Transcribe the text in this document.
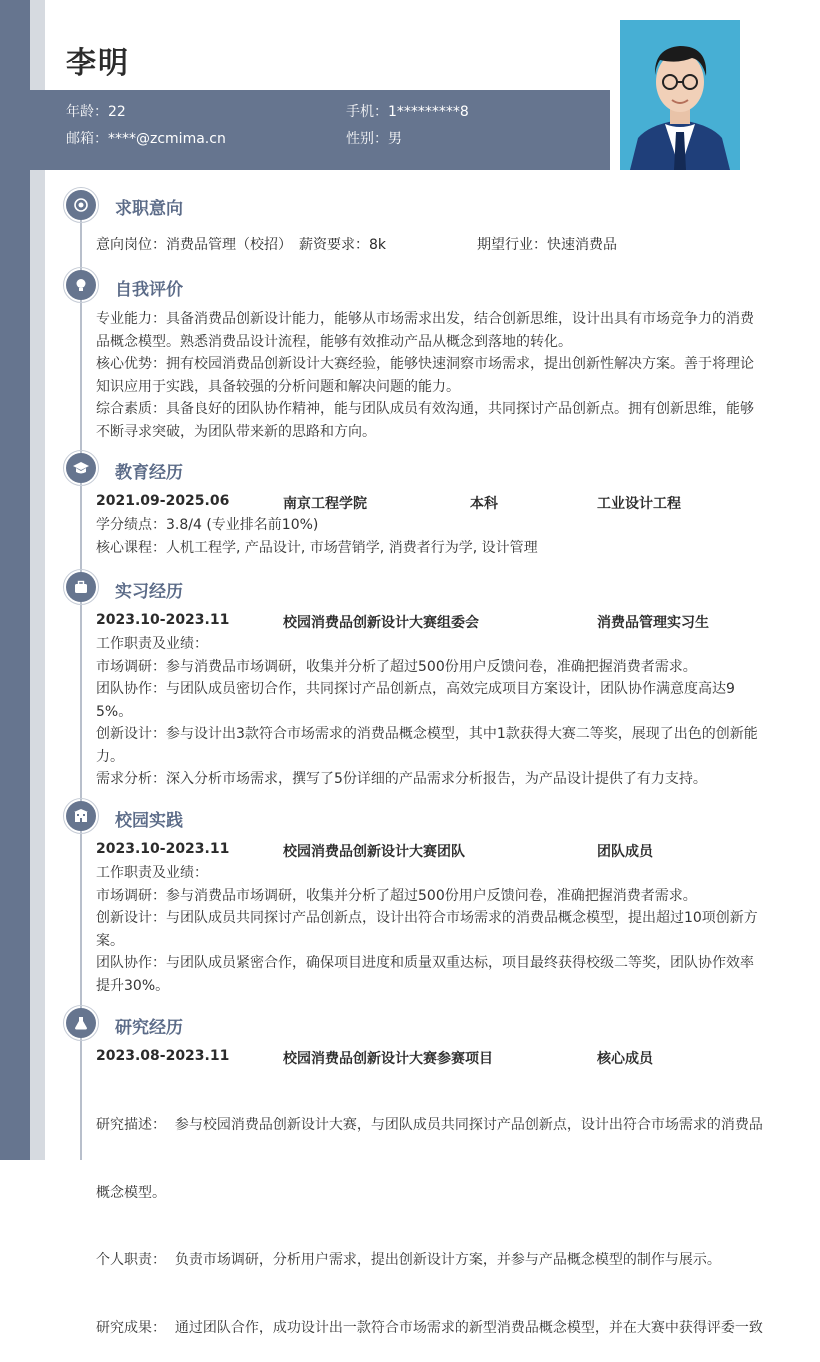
李明
年龄：22	手机：1*********8
邮箱：****@zcmima.cn	性别：男
求职意向
意向岗位：消费品管理（校招） 薪资要求：8k	期望行业：快速消费品
自我评价
专业能力：具备消费品创新设计能力，能够从市场需求出发，结合创新思维，设计出具有市场竞争力的消费
品概念模型。熟悉消费品设计流程，能够有效推动产品从概念到落地的转化。
核心优势：拥有校园消费品创新设计大赛经验，能够快速洞察市场需求，提出创新性解决方案。善于将理论
知识应用于实践，具备较强的分析问题和解决问题的能力。
综合素质：具备良好的团队协作精神，能与团队成员有效沟通，共同探讨产品创新点。拥有创新思维，能够
不断寻求突破，为团队带来新的思路和方向。
教育经历
2021.09-2025.06	南京工程学院	本科	工业设计工程
学分绩点：3.8/4 (专业排名前10%)
核心课程：人机工程学, 产品设计, 市场营销学, 消费者行为学, 设计管理
实习经历
2023.10-2023.11	校园消费品创新设计大赛组委会	消费品管理实习生
工作职责及业绩：
市场调研：参与消费品市场调研，收集并分析了超过500份用户反馈问卷，准确把握消费者需求。
团队协作：与团队成员密切合作，共同探讨产品创新点，高效完成项目方案设计，团队协作满意度高达9
5%。
创新设计：参与设计出3款符合市场需求的消费品概念模型，其中1款获得大赛二等奖，展现了出色的创新能
力。
需求分析：深入分析市场需求，撰写了5份详细的产品需求分析报告，为产品设计提供了有力支持。
校园实践
2023.10-2023.11	校园消费品创新设计大赛团队	团队成员
工作职责及业绩：
市场调研：参与消费品市场调研，收集并分析了超过500份用户反馈问卷，准确把握消费者需求。
创新设计：与团队成员共同探讨产品创新点，设计出符合市场需求的消费品概念模型，提出超过10项创新方
案。
团队协作：与团队成员紧密合作，确保项目进度和质量双重达标，项目最终获得校级二等奖，团队协作效率
提升30%。
研究经历
2023.08-2023.11	校园消费品创新设计大赛参赛项目	核心成员

研究描述：  参与校园消费品创新设计大赛，与团队成员共同探讨产品创新点，设计出符合市场需求的消费品

概念模型。

个人职责：  负责市场调研，分析用户需求，提出创新设计方案，并参与产品概念模型的制作与展示。

研究成果：  通过团队合作，成功设计出一款符合市场需求的新型消费品概念模型，并在大赛中获得评委一致
